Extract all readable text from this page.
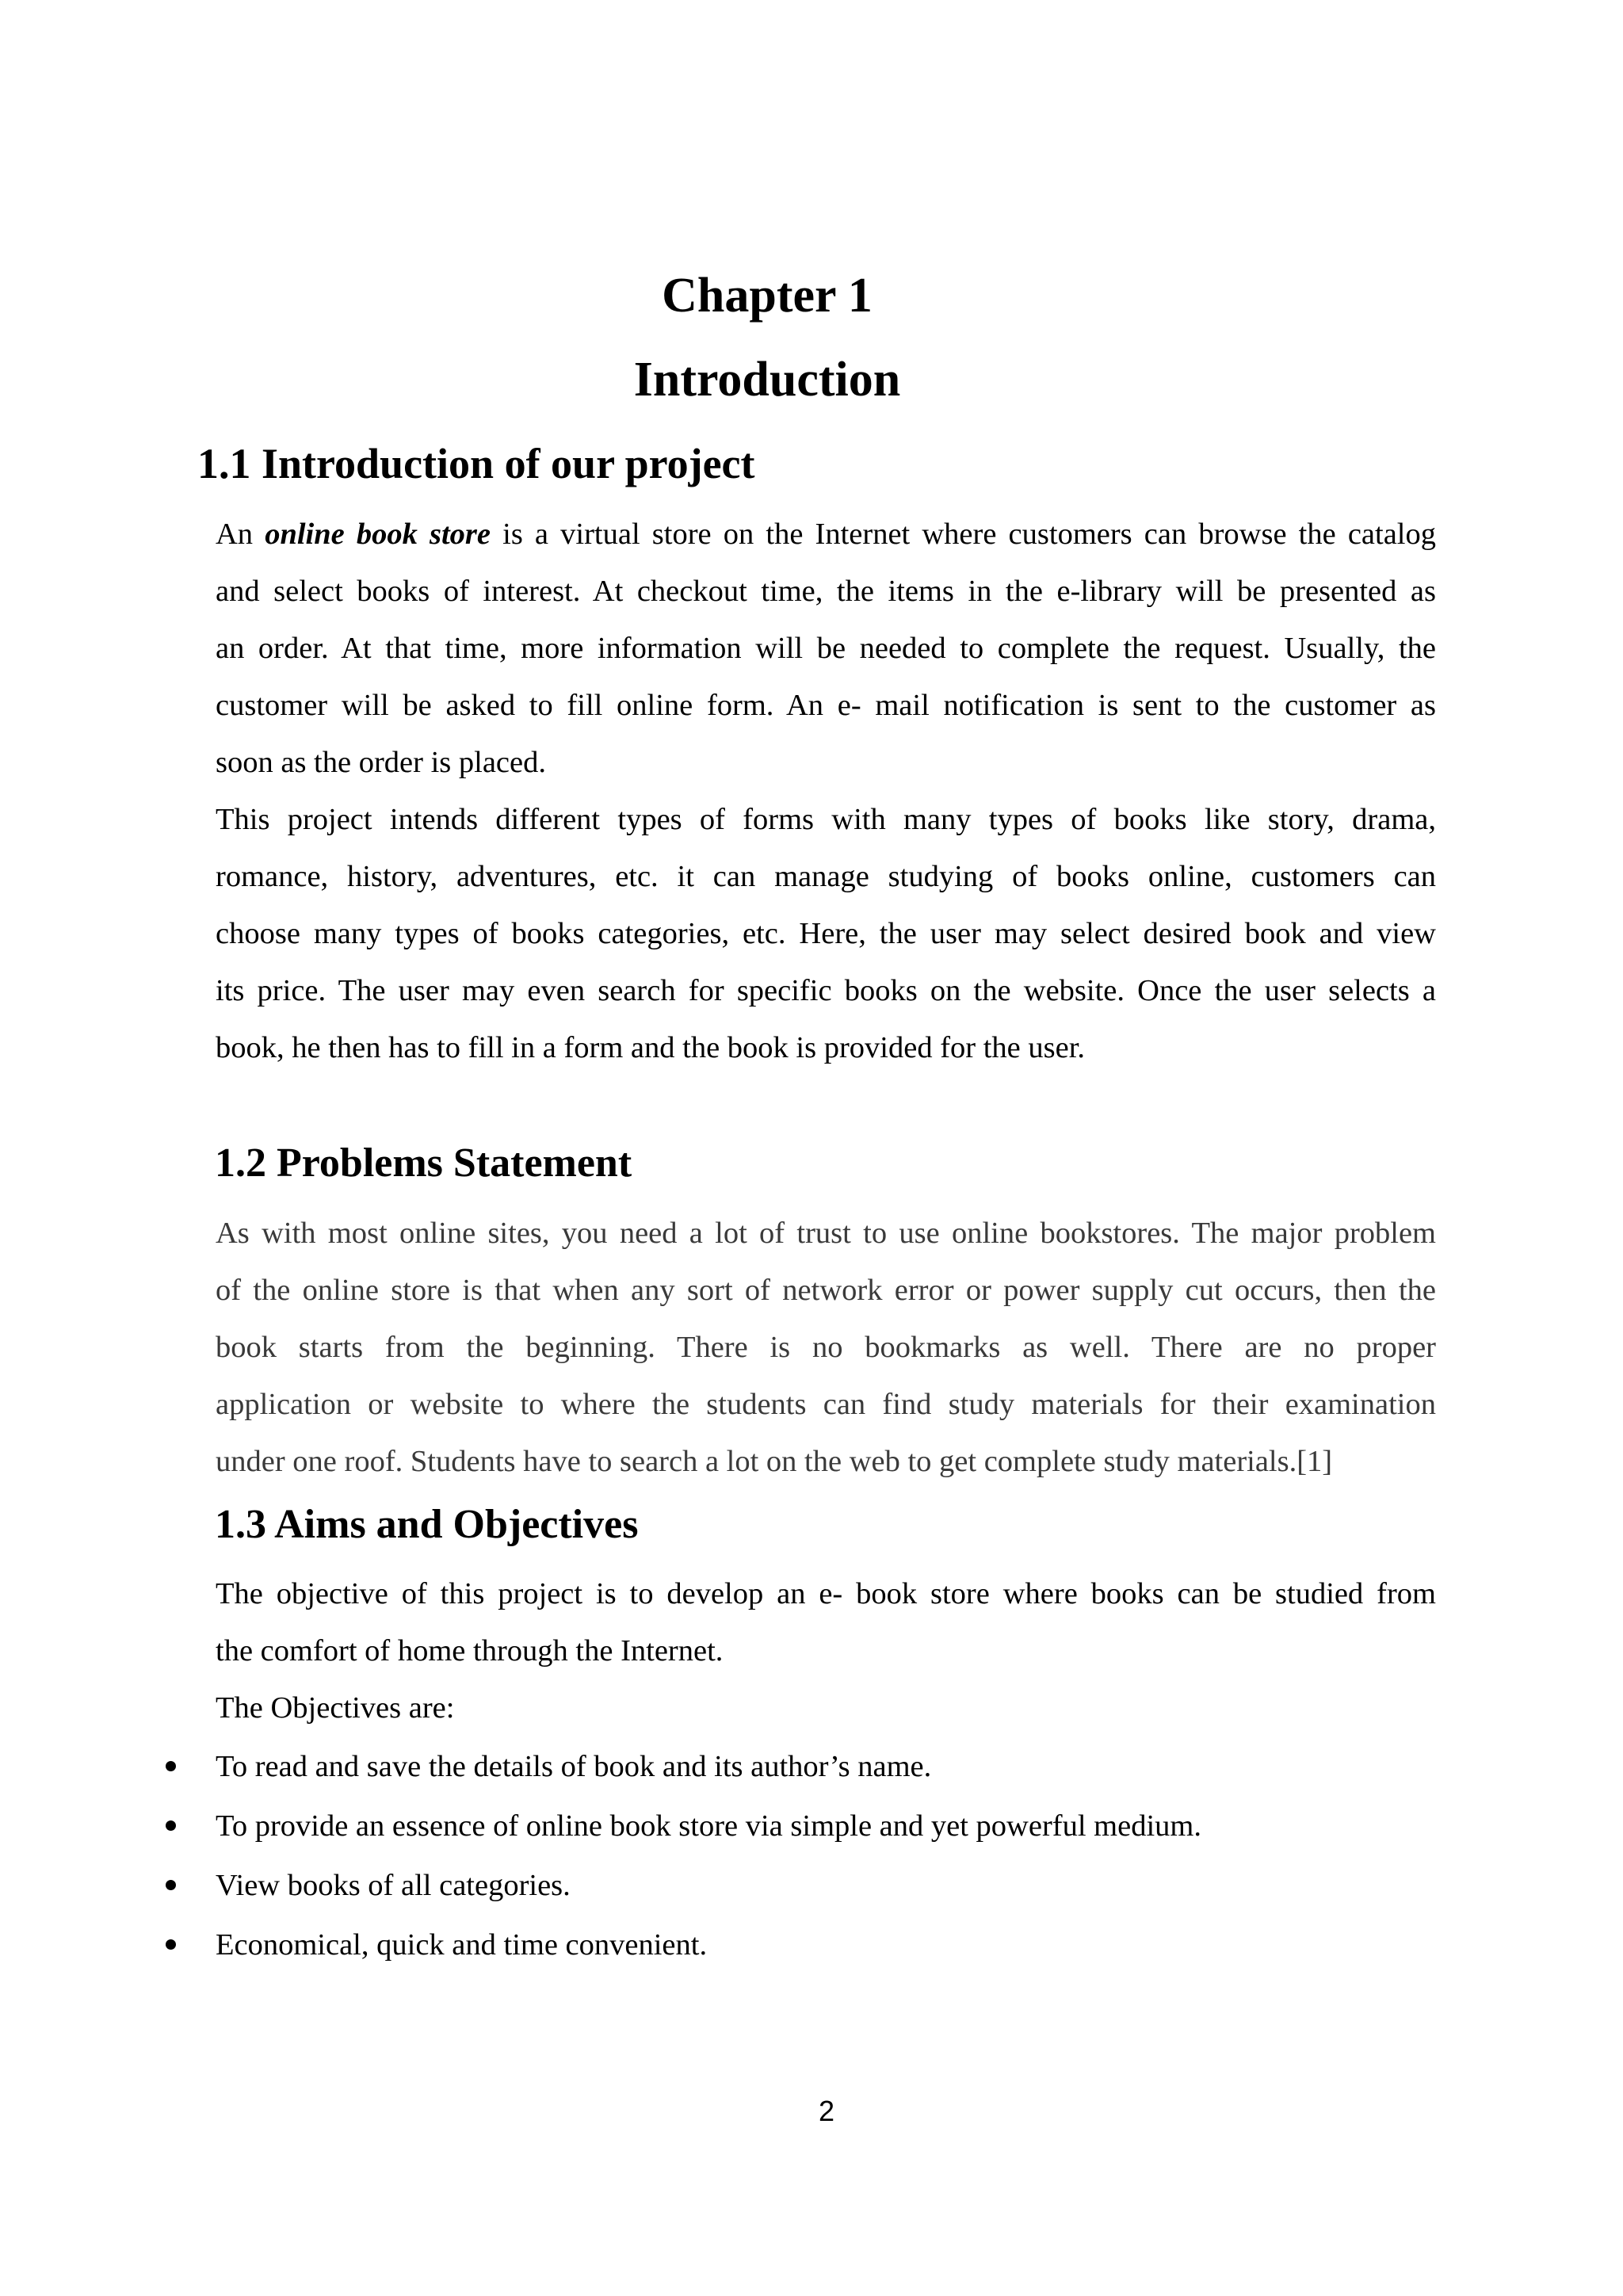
Chapter 1
Introduction
1.1 Introduction of our project
An online book store is a virtual store on the Internet where customers can browse the catalog
and select books of interest. At checkout time, the items in the e-library will be presented as
an order. At that time, more information will be needed to complete the request. Usually, the
customer will be asked to fill online form. An e- mail notification is sent to the customer as
soon as the order is placed.
This project intends different types of forms with many types of books like story, drama,
romance, history, adventures, etc. it can manage studying of books online, customers can
choose many types of books categories, etc. Here, the user may select desired book and view
its price. The user may even search for specific books on the website. Once the user selects a
book, he then has to fill in a form and the book is provided for the user.
1.2 Problems Statement
As with most online sites, you need a lot of trust to use online bookstores. The major problem
of the online store is that when any sort of network error or power supply cut occurs, then the
book starts from the beginning. There is no bookmarks as well. There are no proper
application or website to where the students can find study materials for their examination
under one roof. Students have to search a lot on the web to get complete study materials.[1]
1.3 Aims and Objectives
The objective of this project is to develop an e- book store where books can be studied from
the comfort of home through the Internet.
The Objectives are:
To read and save the details of book and its author’s name.
To provide an essence of online book store via simple and yet powerful medium.
View books of all categories.
Economical, quick and time convenient.
2
